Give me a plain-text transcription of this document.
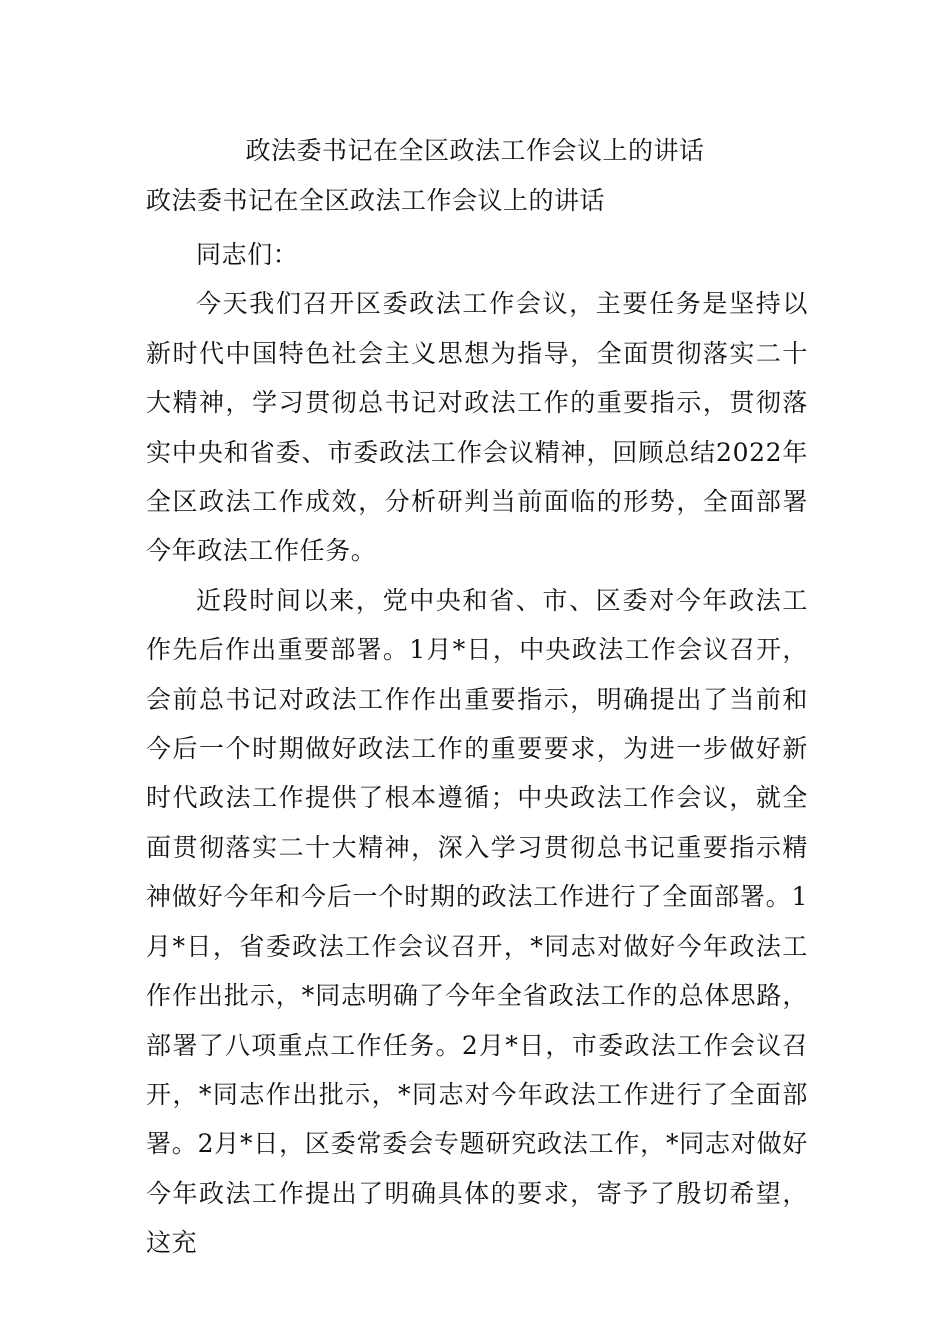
政法委书记在全区政法工作会议上的讲话
政法委书记在全区政法工作会议上的讲话

同志们：

今天我们召开区委政法工作会议，主要任务是坚持以新时代中国特色社会主义思想为指导，全面贯彻落实二十大精神，学习贯彻总书记对政法工作的重要指示，贯彻落实中央和省委、市委政法工作会议精神，回顾总结2022年全区政法工作成效，分析研判当前面临的形势，全面部署今年政法工作任务。

近段时间以来，党中央和省、市、区委对今年政法工作先后作出重要部署。1月*日，中央政法工作会议召开，会前总书记对政法工作作出重要指示，明确提出了当前和今后一个时期做好政法工作的重要要求，为进一步做好新时代政法工作提供了根本遵循；中央政法工作会议，就全面贯彻落实二十大精神，深入学习贯彻总书记重要指示精神做好今年和今后一个时期的政法工作进行了全面部署。1月*日，省委政法工作会议召开，*同志对做好今年政法工作作出批示，*同志明确了今年全省政法工作的总体思路，部署了八项重点工作任务。2月*日，市委政法工作会议召开，*同志作出批示，*同志对今年政法工作进行了全面部署。2月*日，区委常委会专题研究政法工作，*同志对做好今年政法工作提出了明确具体的要求，寄予了殷切希望，这充
